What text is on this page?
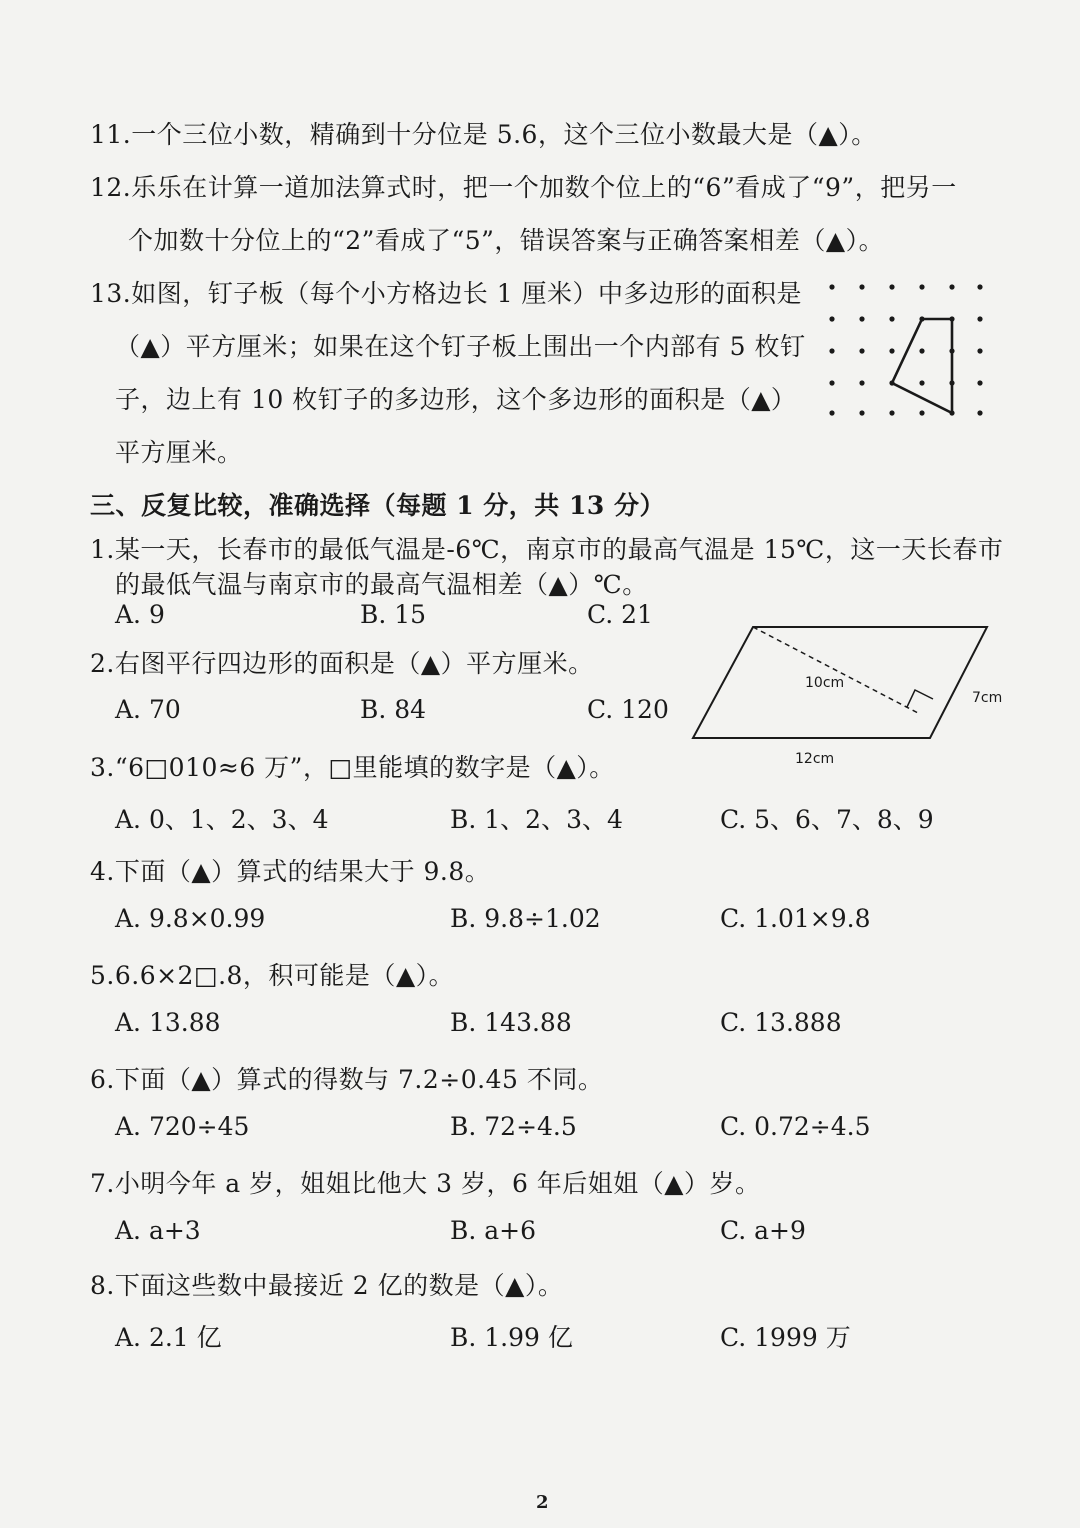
11.一个三位小数，精确到十分位是 5.6，这个三位小数最大是（▲）。
12.乐乐在计算一道加法算式时，把一个加数个位上的“6”看成了“9”，把另一
个加数十分位上的“2”看成了“5”，错误答案与正确答案相差（▲）。
13.如图，钉子板（每个小方格边长 1 厘米）中多边形的面积是
（▲）平方厘米；如果在这个钉子板上围出一个内部有 5 枚钉
子，边上有 10 枚钉子的多边形，这个多边形的面积是（▲）
平方厘米。
三、反复比较，准确选择（每题 1 分，共 13 分）
1.某一天，长春市的最低气温是-6℃，南京市的最高气温是 15℃，这一天长春市
的最低气温与南京市的最高气温相差（▲）℃。
A. 9	B. 15	C. 21
2.右图平行四边形的面积是（▲）平方厘米。
A. 70	B. 84	C. 120
10cm
7cm
12cm
3.“6□010≈6 万”，□里能填的数字是（▲）。
A. 0、1、2、3、4	B. 1、2、3、4	C. 5、6、7、8、9
4.下面（▲）算式的结果大于 9.8。
A. 9.8×0.99	B. 9.8÷1.02	C. 1.01×9.8
5.6.6×2□.8，积可能是（▲）。
A. 13.88	B. 143.88	C. 13.888
6.下面（▲）算式的得数与 7.2÷0.45 不同。
A. 720÷45	B. 72÷4.5	C. 0.72÷4.5
7.小明今年 a 岁，姐姐比他大 3 岁，6 年后姐姐（▲）岁。
A. a+3	B. a+6	C. a+9
8.下面这些数中最接近 2 亿的数是（▲）。
A. 2.1 亿	B. 1.99 亿	C. 1999 万
2
